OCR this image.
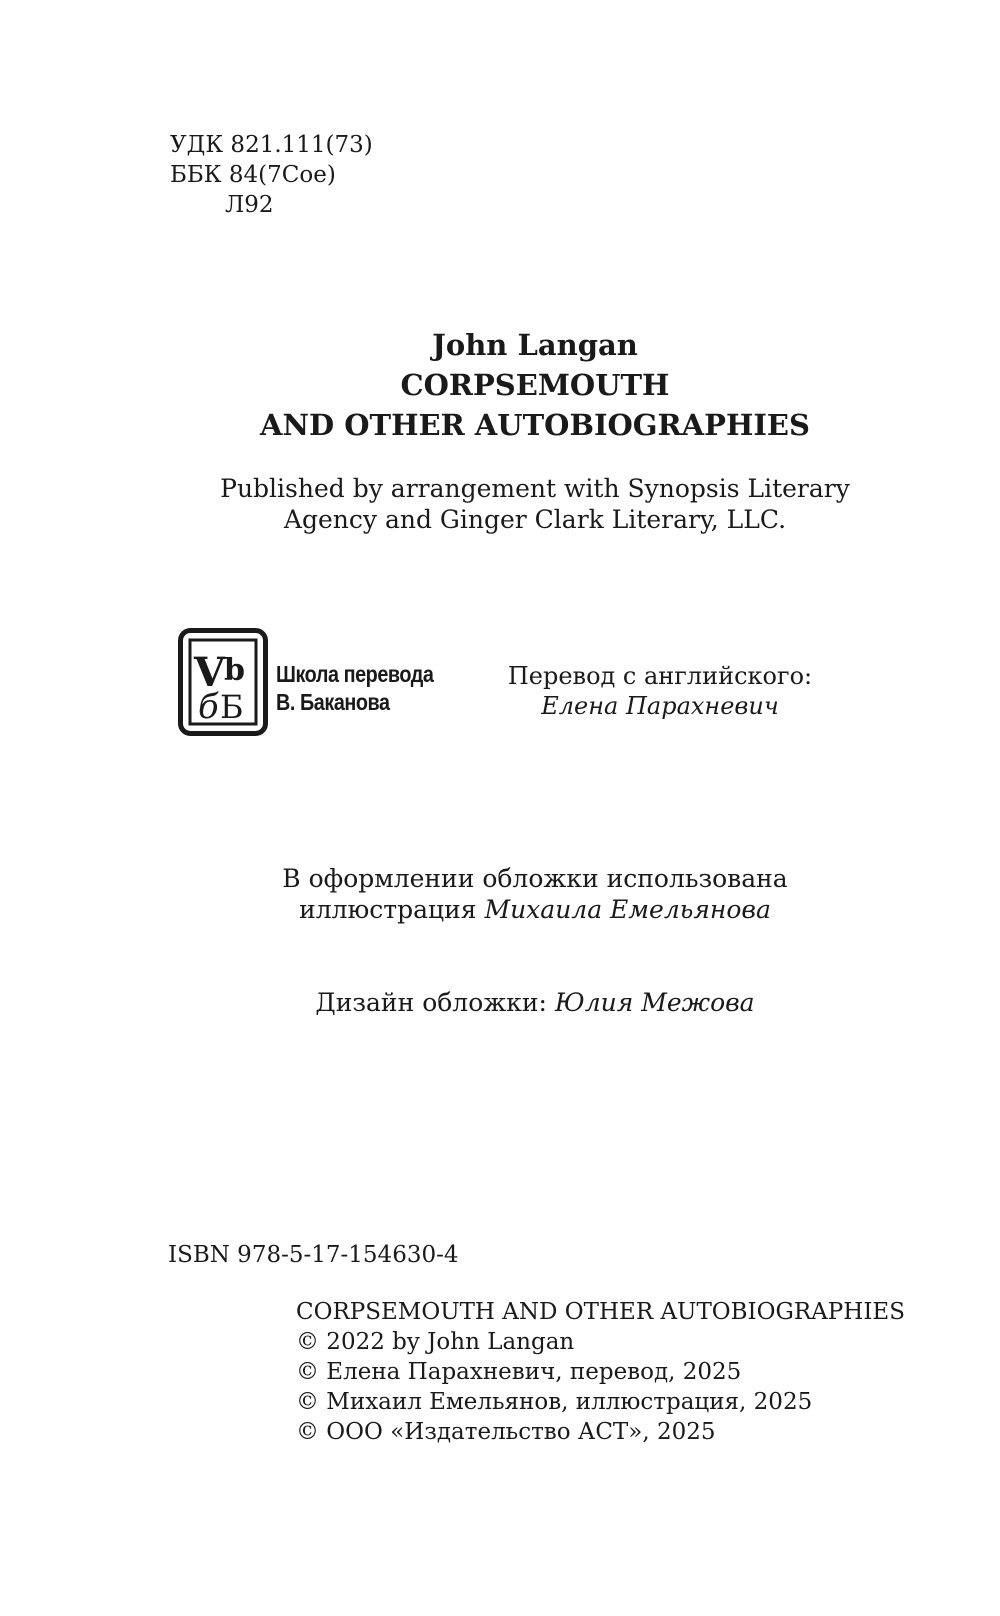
УДК 821.111(73)
ББК 84(7Сое)
Л92
John Langan
CORPSEMOUTH
AND OTHER AUTOBIOGRAPHIES
Published by arrangement with Synopsis Literary
Agency and Ginger Clark Literary, LLC.
V
b
б Б
Школа перевода
В. Баканова
Перевод с английского:
Елена Парахневич
В оформлении обложки использована
иллюстрация Михаила Емельянова
Дизайн обложки: Юлия Межова
ISBN 978-5-17-154630-4
CORPSEMOUTH AND OTHER AUTOBIOGRAPHIES
© 2022 by John Langan
© Елена Парахневич, перевод, 2025
© Михаил Емельянов, иллюстрация, 2025
© ООО «Издательство АСТ», 2025
